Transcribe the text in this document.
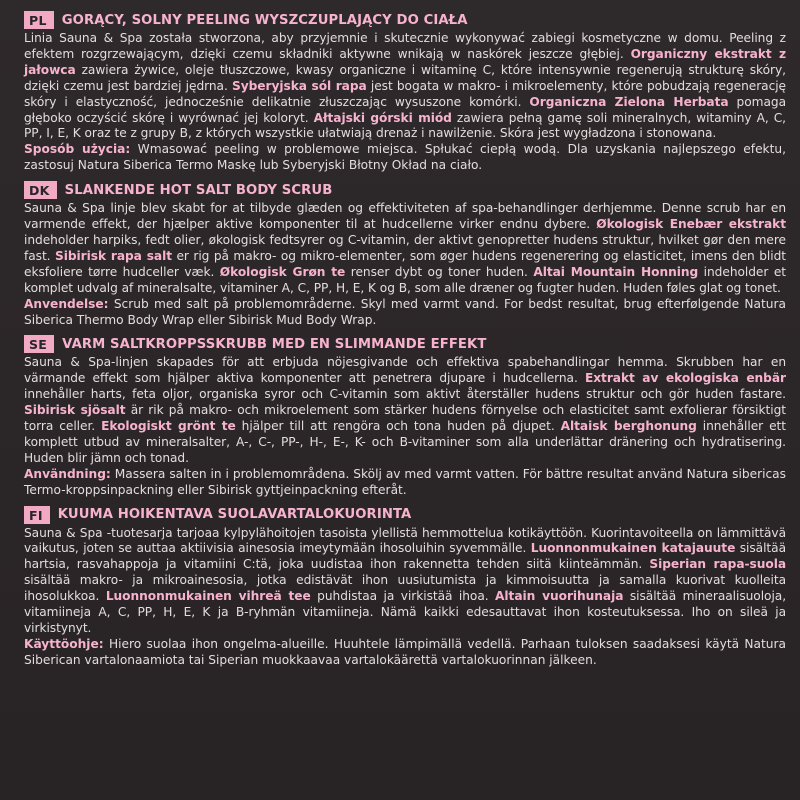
PL	GORĄCY, SOLNY PEELING WYSZCZUPLAJĄCY DO CIAŁA
Linia Sauna & Spa została stworzona, aby przyjemnie i skutecznie wykonywać zabiegi kosmetyczne w domu. Peeling z efektem rozgrzewającym, dzięki czemu składniki aktywne wnikają w naskórek jeszcze głębiej. Organiczny ekstrakt z jałowca zawiera żywice, oleje tłuszczowe, kwasy organiczne i witaminę C, które intensywnie regenerują strukturę skóry, dzięki czemu jest bardziej jędrna. Syberyjska sól rapa jest bogata w makro- i mikroelementy, które pobudzają regenerację skóry i elastyczność, jednocześnie delikatnie złuszczając wysuszone komórki. Organiczna Zielona Herbata pomaga głęboko oczyścić skórę i wyrównać jej koloryt. Ałtajski górski miód zawiera pełną gamę soli mineralnych, witaminy A, C, PP, I, E, K oraz te z grupy B, z których wszystkie ułatwiają drenaż i nawilżenie. Skóra jest wygładzona i stonowana.
Sposób użycia: Wmasować peeling w problemowe miejsca. Spłukać ciepłą wodą. Dla uzyskania najlepszego efektu, zastosuj Natura Siberica Termo Maskę lub Syberyjski Błotny Okład na ciało.
DK	SLANKENDE HOT SALT BODY SCRUB
Sauna & Spa linje blev skabt for at tilbyde glæden og effektiviteten af spa-behandlinger derhjemme. Denne scrub har en varmende effekt, der hjælper aktive komponenter til at hudcellerne virker endnu dybere. Økologisk Enebær ekstrakt indeholder harpiks, fedt olier, økologisk fedtsyrer og C-vitamin, der aktivt genopretter hudens struktur, hvilket gør den mere fast. Sibirisk rapa salt er rig på makro- og mikro-elementer, som øger hudens regenerering og elasticitet, imens den blidt eksfoliere tørre hudceller væk. Økologisk Grøn te renser dybt og toner huden. Altai Mountain Honning indeholder et komplet udvalg af mineralsalte, vitaminer A, C, PP, H, E, K og B, som alle dræner og fugter huden. Huden føles glat og tonet.
Anvendelse: Scrub med salt på problemområderne. Skyl med varmt vand. For bedst resultat, brug efterfølgende Natura Siberica Thermo Body Wrap eller Sibirisk Mud Body Wrap.
SE	VARM SALTKROPPSSKRUBB MED EN SLIMMANDE EFFEKT
Sauna & Spa-linjen skapades för att erbjuda nöjesgivande och effektiva spabehandlingar hemma. Skrubben har en värmande effekt som hjälper aktiva komponenter att penetrera djupare i hudcellerna. Extrakt av ekologiska enbär innehåller harts, feta oljor, organiska syror och C-vitamin som aktivt återställer hudens struktur och gör huden fastare. Sibirisk sjösalt är rik på makro- och mikroelement som stärker hudens förnyelse och elasticitet samt exfolierar försiktigt torra celler. Ekologiskt grönt te hjälper till att rengöra och tona huden på djupet. Altaisk berghonung innehåller ett komplett utbud av mineralsalter, A-, C-, PP-, H-, E-, K- och B-vitaminer som alla underlättar dränering och hydratisering. Huden blir jämn och tonad.
Användning: Massera salten in i problemområdena. Skölj av med varmt vatten. För bättre resultat använd Natura sibericas Termo-kroppsinpackning eller Sibirisk gyttjeinpackning efteråt.
FI	KUUMA HOIKENTAVA SUOLAVARTALOKUORINTA
Sauna & Spa -tuotesarja tarjoaa kylpylähoitojen tasoista ylellistä hemmottelua kotikäyttöön. Kuorintavoiteella on lämmittävä vaikutus, joten se auttaa aktiivisia ainesosia imeytymään ihosoluihin syvemmälle. Luonnonmukainen katajauute sisältää hartsia, rasvahappoja ja vitamiini C:tä, joka uudistaa ihon rakennetta tehden siitä kiinteämmän. Siperian rapa-suola sisältää makro- ja mikroainesosia, jotka edistävät ihon uusiutumista ja kimmoisuutta ja samalla kuorivat kuolleita ihosolukkoa. Luonnonmukainen vihreä tee puhdistaa ja virkistää ihoa. Altain vuorihunaja sisältää mineraalisuoloja, vitamiineja A, C, PP, H, E, K ja B-ryhmän vitamiineja. Nämä kaikki edesauttavat ihon kosteutuksessa. Iho on sileä ja virkistynyt.
Käyttöohje: Hiero suolaa ihon ongelma-alueille. Huuhtele lämpimällä vedellä. Parhaan tuloksen saadaksesi käytä Natura Siberican vartalonaamiota tai Siperian muokkaavaa vartalokäärettä vartalokuorinnan jälkeen.
